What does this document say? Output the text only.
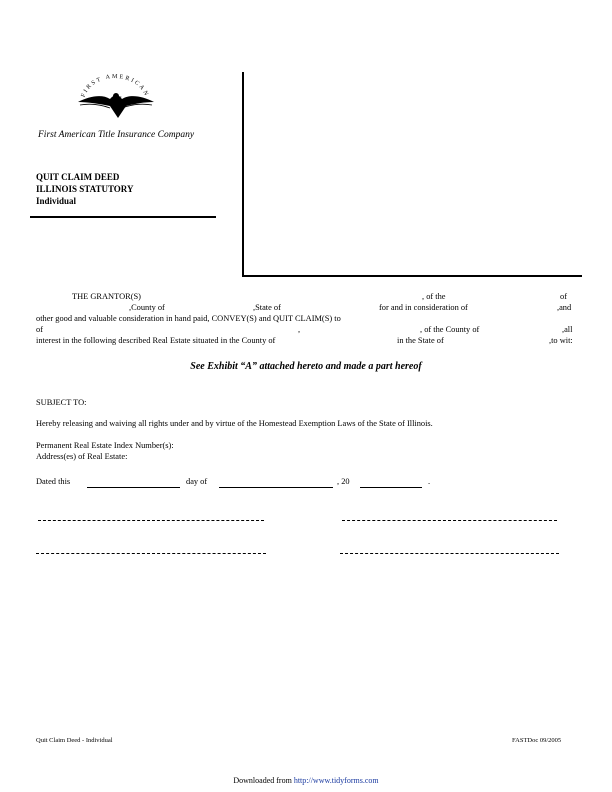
FIRST AMERICAN
First American Title Insurance Company
QUIT CLAIM DEED
ILLINOIS STATUTORY
Individual
THE GRANTOR(S)	, of the	of
,County of	,State of	for and in consideration of	,and
other good and valuable consideration in hand paid, CONVEY(S) and QUIT CLAIM(S) to
of	,	, of the County of	,all
interest in the following described Real Estate situated in the County of	in the State of	,to wit:
See Exhibit “A” attached hereto and made a part hereof
SUBJECT TO:
Hereby releasing and waiving all rights under and by virtue of the Homestead Exemption Laws of the State of Illinois.
Permanent Real Estate Index Number(s):
Address(es) of Real Estate:
Dated this	day of	, 20	.
Quit Claim Deed - Individual	FASTDoc 09/2005
Downloaded from http://www.tidyforms.com
